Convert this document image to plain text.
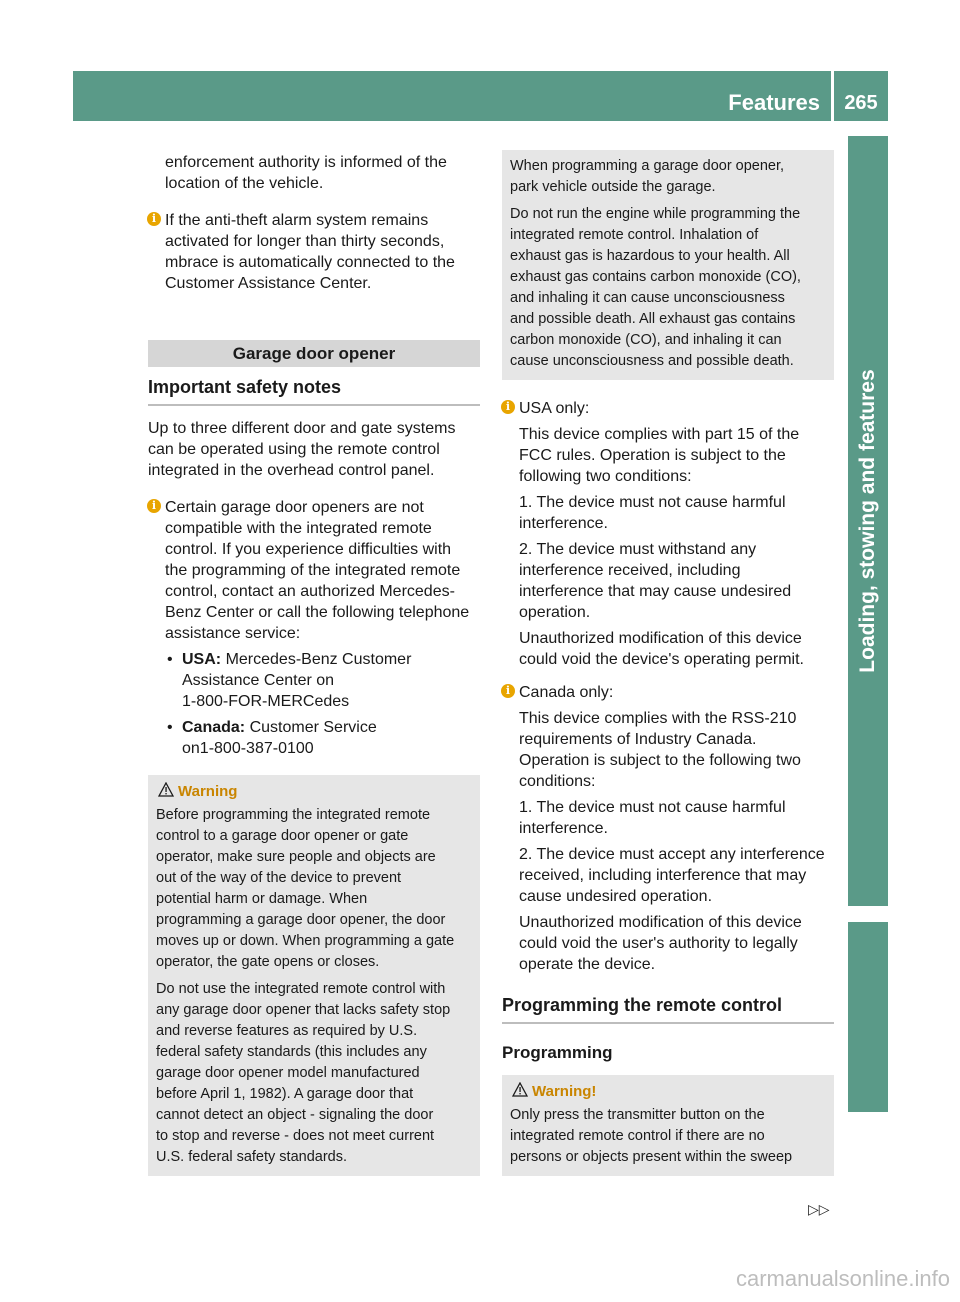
Features	265
Loading, stowing and features

enforcement authority is informed of the

location of the vehicle.

i If the anti-theft alarm system remains

activated for longer than thirty seconds,

mbrace is automatically connected to the

Customer Assistance Center.

Garage door opener
Important safety notes

Up to three different door and gate systems

can be operated using the remote control

integrated in the overhead control panel.

i Certain garage door openers are not

compatible with the integrated remote

control. If you experience difficulties with

the programming of the integrated remote

control, contact an authorized Mercedes-

Benz Center or call the following telephone

assistance service:

• USA: Mercedes-Benz Customer

Assistance Center on

1-800-FOR-MERCedes

• Canada: Customer Service

on1-800-387-0100

Warning

Before programming the integrated remote

control to a garage door opener or gate

operator, make sure people and objects are

out of the way of the device to prevent

potential harm or damage. When

programming a garage door opener, the door

moves up or down. When programming a gate

operator, the gate opens or closes.

Do not use the integrated remote control with

any garage door opener that lacks safety stop

and reverse features as required by U.S.

federal safety standards (this includes any

garage door opener model manufactured

before April 1, 1982). A garage door that

cannot detect an object - signaling the door

to stop and reverse - does not meet current

U.S. federal safety standards.

When programming a garage door opener,

park vehicle outside the garage.

Do not run the engine while programming the

integrated remote control. Inhalation of

exhaust gas is hazardous to your health. All

exhaust gas contains carbon monoxide (CO),

and inhaling it can cause unconsciousness

and possible death. All exhaust gas contains

carbon monoxide (CO), and inhaling it can

cause unconsciousness and possible death.

i USA only:

This device complies with part 15 of the

FCC rules. Operation is subject to the

following two conditions:

1. The device must not cause harmful

interference.

2. The device must withstand any

interference received, including

interference that may cause undesired

operation.

Unauthorized modification of this device

could void the device's operating permit.

i Canada only:

This device complies with the RSS-210

requirements of Industry Canada.

Operation is subject to the following two

conditions:

1. The device must not cause harmful

interference.

2. The device must accept any interference

received, including interference that may

cause undesired operation.

Unauthorized modification of this device

could void the user's authority to legally

operate the device.

Programming the remote control
Programming
Warning!

Only press the transmitter button on the

integrated remote control if there are no

persons or objects present within the sweep

▷▷
carmanualsonline.info
